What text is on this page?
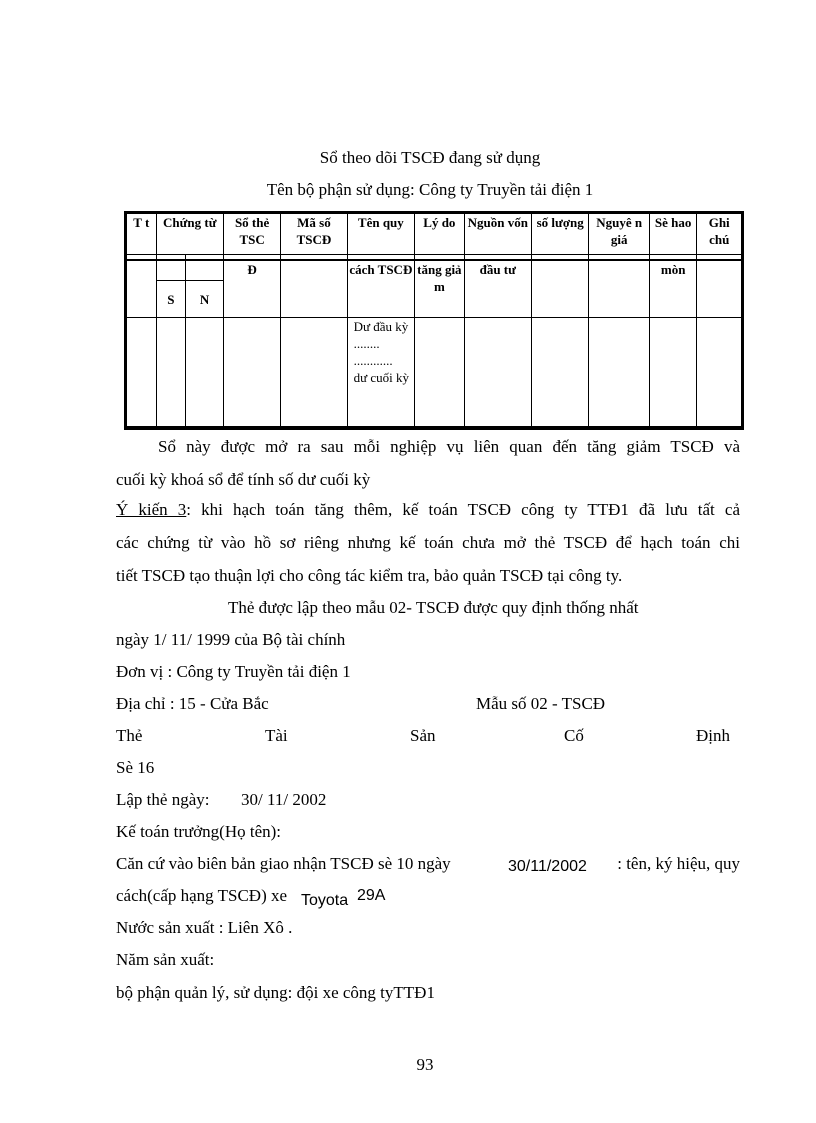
Sổ theo dõi TSCĐ đang sử dụng
Tên bộ phận sử dụng: Công ty Truyền tải điện 1
T t	Chứng từ		Sổ thẻ TSC	Mã số TSCĐ	Tên quy	Lý do	Nguồn vốn	số lượng	Nguyê n giá	Sè hao	Ghi chú

	S	N	Đ		cách TSCĐ	tăng giả m	đầu tư			mòn	

					Dư đầu kỳ
........
............
dư cuối kỳ						

Sổ này được mở ra sau mỗi nghiệp vụ liên quan đến tăng giảm TSCĐ và
cuối kỳ khoá sổ để tính số dư cuối kỳ
Ý kiến 3: khi hạch toán tăng thêm, kế toán TSCĐ công ty TTĐ1 đã lưu tất cả
các chứng từ vào hồ sơ riêng nhưng kế toán chưa mở thẻ TSCĐ để hạch toán chi
tiết TSCĐ tạo thuận lợi cho công tác kiểm tra, bảo quản TSCĐ tại công ty.
Thẻ được lập theo mẫu 02- TSCĐ được quy định thống nhất
ngày 1/ 11/ 1999 của Bộ tài chính
Đơn vị : Công ty Truyền tải điện 1
Địa chỉ : 15 - Cửa Bắc	Mẫu số 02 - TSCĐ
Thẻ	Tài	Sản	Cố	Định
Sè 16
Lập thẻ ngày: 30/ 11/ 2002
Kế toán trưởng(Họ tên):
Căn cứ vào biên bản giao nhận TSCĐ sè 10 ngày	30/11/2002	: tên, ký hiệu, quy
cách(cấp hạng TSCĐ) xe Toyota 29A
Nước sản xuất : Liên Xô .
Năm sản xuất:
bộ phận quản lý, sử dụng: đội xe công tyTTĐ1
93
